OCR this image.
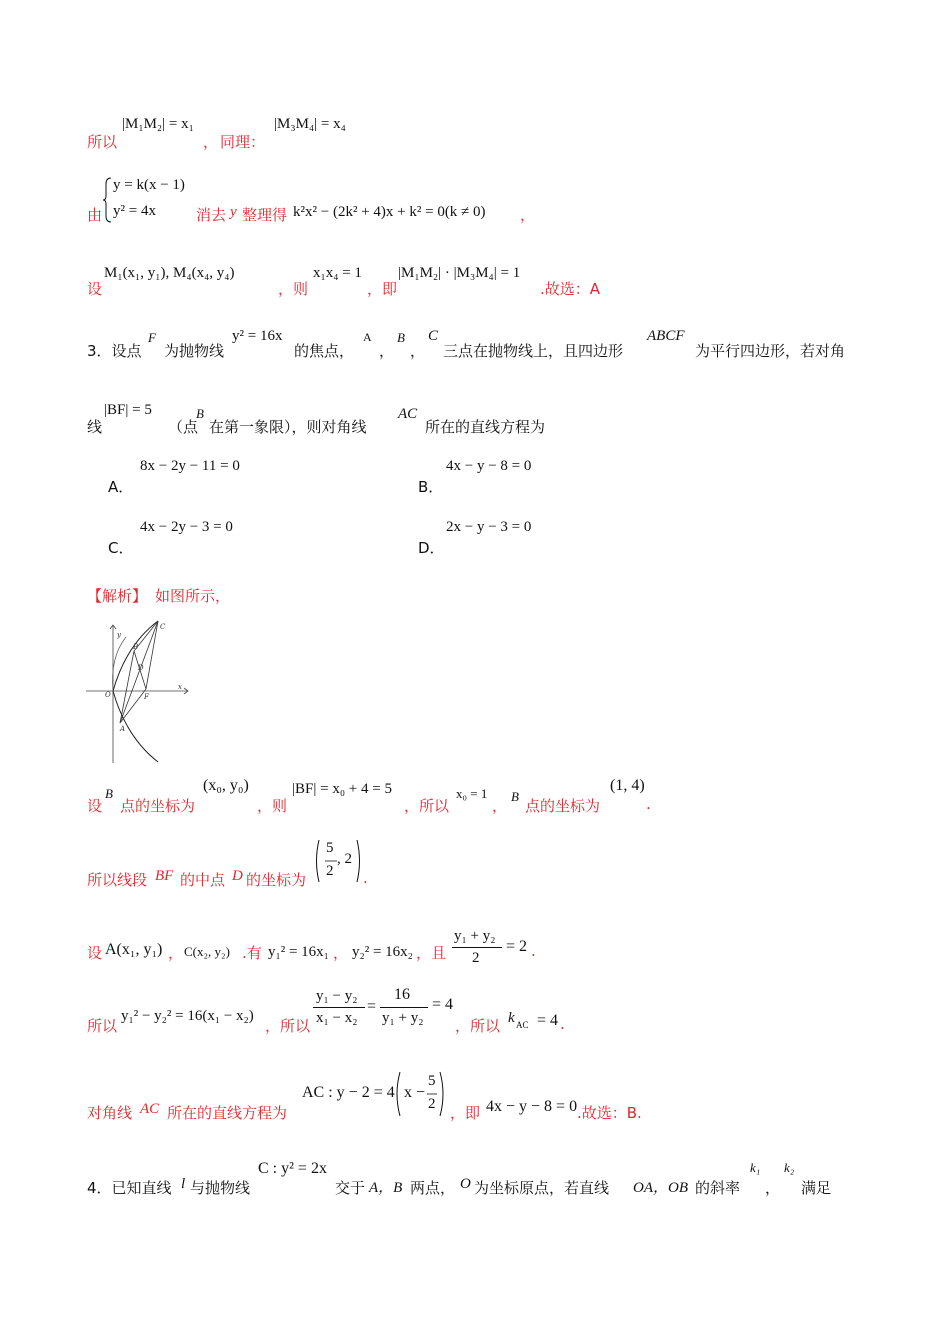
所以
|M₁M₂| = x₁
， 同理：
|M₃M₄| = x₄
由
y = k(x − 1)
y² = 4x	消去 y 整理得 k²x² − (2k² + 4)x + k² = 0(k ≠ 0) ，
设
M₁(x₁, y₁), M₄(x₄, y₄)
，则
x₁x₄ = 1
，即
|M₁M₂| · |M₃M₄| = 1
.故选：A
3．设点
F
为抛物线
y² = 16x
的焦点，
A
，
B
，
C
三点在抛物线上，且四边形
ABCF
为平行四边形，若对角
线
|BF| = 5
（点
B
在第一象限），则对角线
AC
所在的直线方程为
A．
8x − 2y − 11 = 0
B．
4x − y − 8 = 0
C．
4x − 2y − 3 = 0
D．
2x − y − 3 = 0
【解析】 如图所示，
y
C
B
D
O	F
x
A
设
B
点的坐标为
(x₀, y₀)
，则
|BF| = x₀ + 4 = 5
，所以
x₀ = 1
，
B
点的坐标为
(1, 4)
.
所以线段 BF 的中点 D 的坐标为
5
2
, 2
.
设 A(x₁, y₁) ， C(x₂, y₂) .有 y₁² = 16x₁ ， y₂² = 16x₂ ，且
y₁ + y₂
2
= 2 .
所以
y₁² − y₂² = 16(x₁ − x₂)
，所以
y₁ − y₂
x₁ − x₂
=
16
y₁ + y₂
= 4
，所以 k AC = 4 .
对角线 AC 所在的直线方程为
AC : y − 2 = 4 x −
5
2 ，即 4x − y − 8 = 0 .故选：B.
4．已知直线 l 与抛物线
C : y² = 2x
交于 A，B 两点， O 为坐标原点，若直线 OA，OB 的斜率
k₁
，
k₂
满足
